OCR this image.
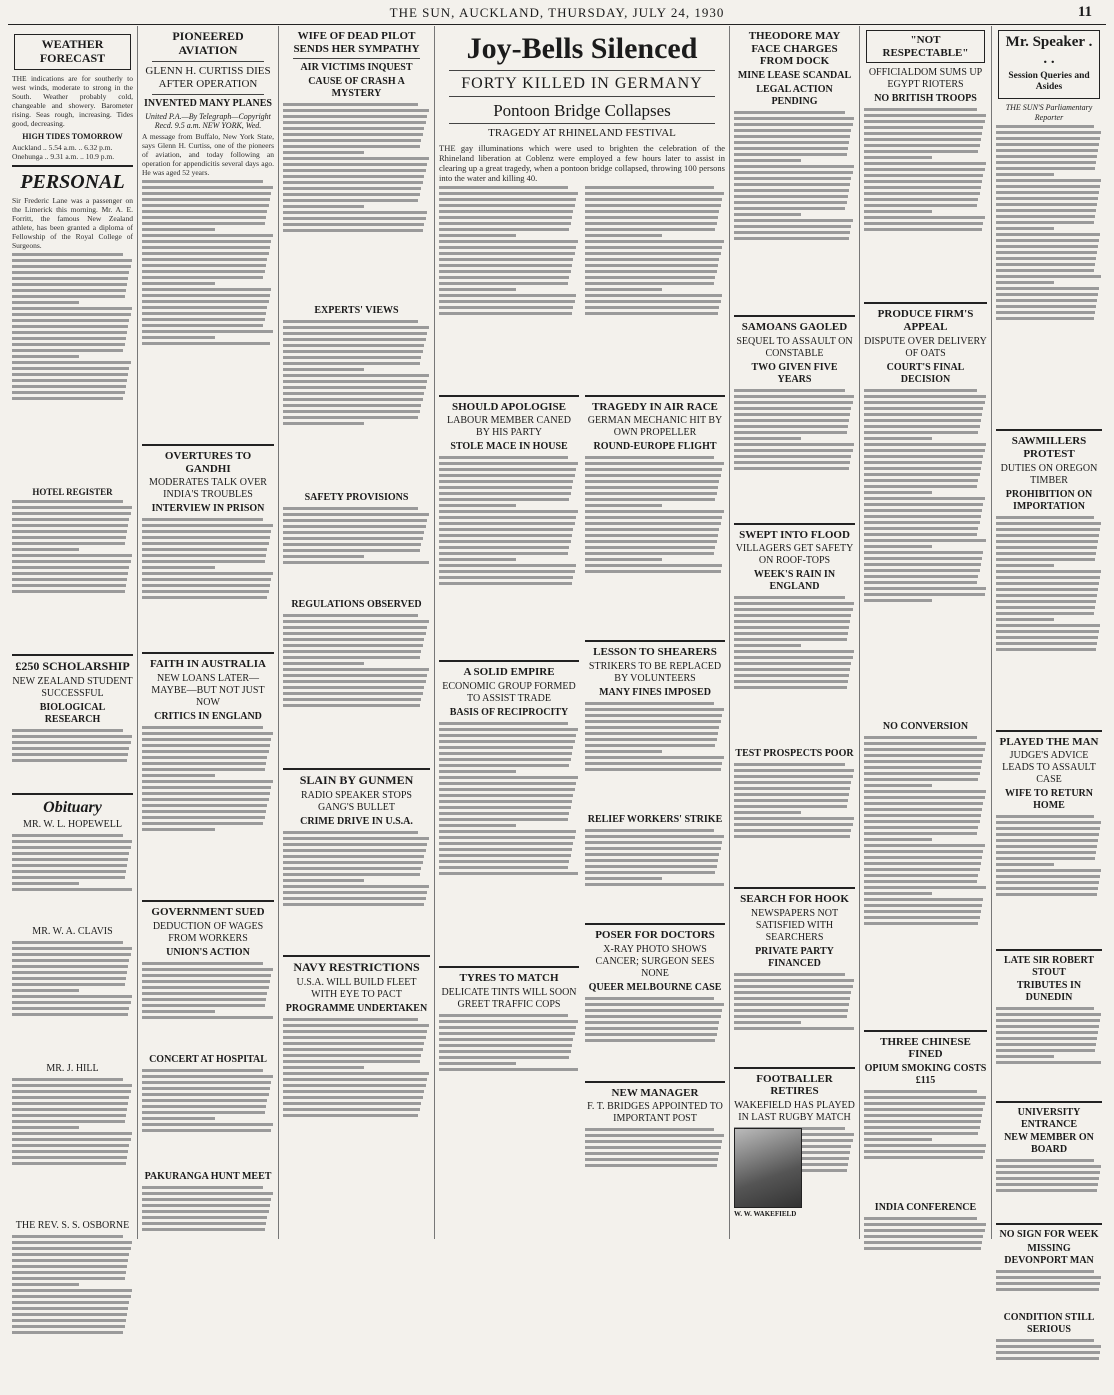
THE SUN, AUCKLAND, THURSDAY, JULY 24, 1930	11
WEATHER FORECAST

THE indications are for southerly to west winds, moderate to strong in the South. Weather probably cold, changeable and showery. Barometer rising. Seas rough, increasing. Tides good, decreasing.

HIGH TIDES TOMORROW
Auckland .. 5.54 a.m. .. 6.32 p.m.
Onehunga .. 9.31 a.m. .. 10.9 p.m.
PERSONAL

Sir Frederic Lane was a passenger on the Limerick this morning. Mr. A. E. Forritt, the famous New Zealand athlete, has been granted a diploma of Fellowship of the Royal College of Surgeons.

HOTEL REGISTER
£250 SCHOLARSHIP
NEW ZEALAND STUDENT SUCCESSFUL
BIOLOGICAL RESEARCH
Obituary
MR. W. L. HOPEWELL
MR. W. A. CLAVIS
MR. J. HILL
THE REV. S. S. OSBORNE
PIONEERED AVIATION
GLENN H. CURTISS DIES AFTER OPERATION
INVENTED MANY PLANES
United P.A.—By Telegraph—Copyright Recd. 9.5 a.m. NEW YORK, Wed.

A message from Buffalo, New York State, says Glenn H. Curtiss, one of the pioneers of aviation, and today following an operation for appendicitis several days ago. He was aged 52 years.

OVERTURES TO GANDHI
MODERATES TALK OVER INDIA'S TROUBLES
INTERVIEW IN PRISON
FAITH IN AUSTRALIA
NEW LOANS LATER—MAYBE—BUT NOT JUST NOW
CRITICS IN ENGLAND
GOVERNMENT SUED
DEDUCTION OF WAGES FROM WORKERS
UNION'S ACTION
CONCERT AT HOSPITAL
PAKURANGA HUNT MEET
WIFE OF DEAD PILOT SENDS HER SYMPATHY
AIR VICTIMS INQUEST
CAUSE OF CRASH A MYSTERY
EXPERTS' VIEWS
SAFETY PROVISIONS
REGULATIONS OBSERVED
SLAIN BY GUNMEN
RADIO SPEAKER STOPS GANG'S BULLET
CRIME DRIVE IN U.S.A.
NAVY RESTRICTIONS
U.S.A. WILL BUILD FLEET WITH EYE TO PACT
PROGRAMME UNDERTAKEN
Joy-Bells Silenced
FORTY KILLED IN GERMANY
Pontoon Bridge Collapses
TRAGEDY AT RHINELAND FESTIVAL

THE gay illuminations which were used to brighten the celebration of the Rhineland liberation at Coblenz were employed a few hours later to assist in clearing up a great tragedy, when a pontoon bridge collapsed, throwing 100 persons into the water and killing 40.

SHOULD APOLOGISE
LABOUR MEMBER CANED BY HIS PARTY
STOLE MACE IN HOUSE
A SOLID EMPIRE
ECONOMIC GROUP FORMED TO ASSIST TRADE
BASIS OF RECIPROCITY
TYRES TO MATCH
DELICATE TINTS WILL SOON GREET TRAFFIC COPS
TRAGEDY IN AIR RACE
GERMAN MECHANIC HIT BY OWN PROPELLER
ROUND-EUROPE FLIGHT
LESSON TO SHEARERS
STRIKERS TO BE REPLACED BY VOLUNTEERS
MANY FINES IMPOSED
RELIEF WORKERS' STRIKE
POSER FOR DOCTORS
X-RAY PHOTO SHOWS CANCER; SURGEON SEES NONE
QUEER MELBOURNE CASE
NEW MANAGER
F. T. BRIDGES APPOINTED TO IMPORTANT POST
THEODORE MAY FACE CHARGES FROM DOCK
MINE LEASE SCANDAL
LEGAL ACTION PENDING
SAMOANS GAOLED
SEQUEL TO ASSAULT ON CONSTABLE
TWO GIVEN FIVE YEARS
SWEPT INTO FLOOD
VILLAGERS GET SAFETY ON ROOF-TOPS
WEEK'S RAIN IN ENGLAND
TEST PROSPECTS POOR
SEARCH FOR HOOK
NEWSPAPERS NOT SATISFIED WITH SEARCHERS
PRIVATE PARTY FINANCED
FOOTBALLER RETIRES
WAKEFIELD HAS PLAYED IN LAST RUGBY MATCH
W. W. WAKEFIELD
"NOT RESPECTABLE"
OFFICIALDOM SUMS UP EGYPT RIOTERS
NO BRITISH TROOPS
PRODUCE FIRM'S APPEAL
DISPUTE OVER DELIVERY OF OATS
COURT'S FINAL DECISION
NO CONVERSION
THREE CHINESE FINED
OPIUM SMOKING COSTS £115
INDIA CONFERENCE
Mr. Speaker . . .
Session Queries and Asides
THE SUN'S Parliamentary Reporter
SAWMILLERS PROTEST
DUTIES ON OREGON TIMBER
PROHIBITION ON IMPORTATION
PLAYED THE MAN
JUDGE'S ADVICE LEADS TO ASSAULT CASE
WIFE TO RETURN HOME
LATE SIR ROBERT STOUT
TRIBUTES IN DUNEDIN
UNIVERSITY ENTRANCE
NEW MEMBER ON BOARD
NO SIGN FOR WEEK
MISSING DEVONPORT MAN
CONDITION STILL SERIOUS
